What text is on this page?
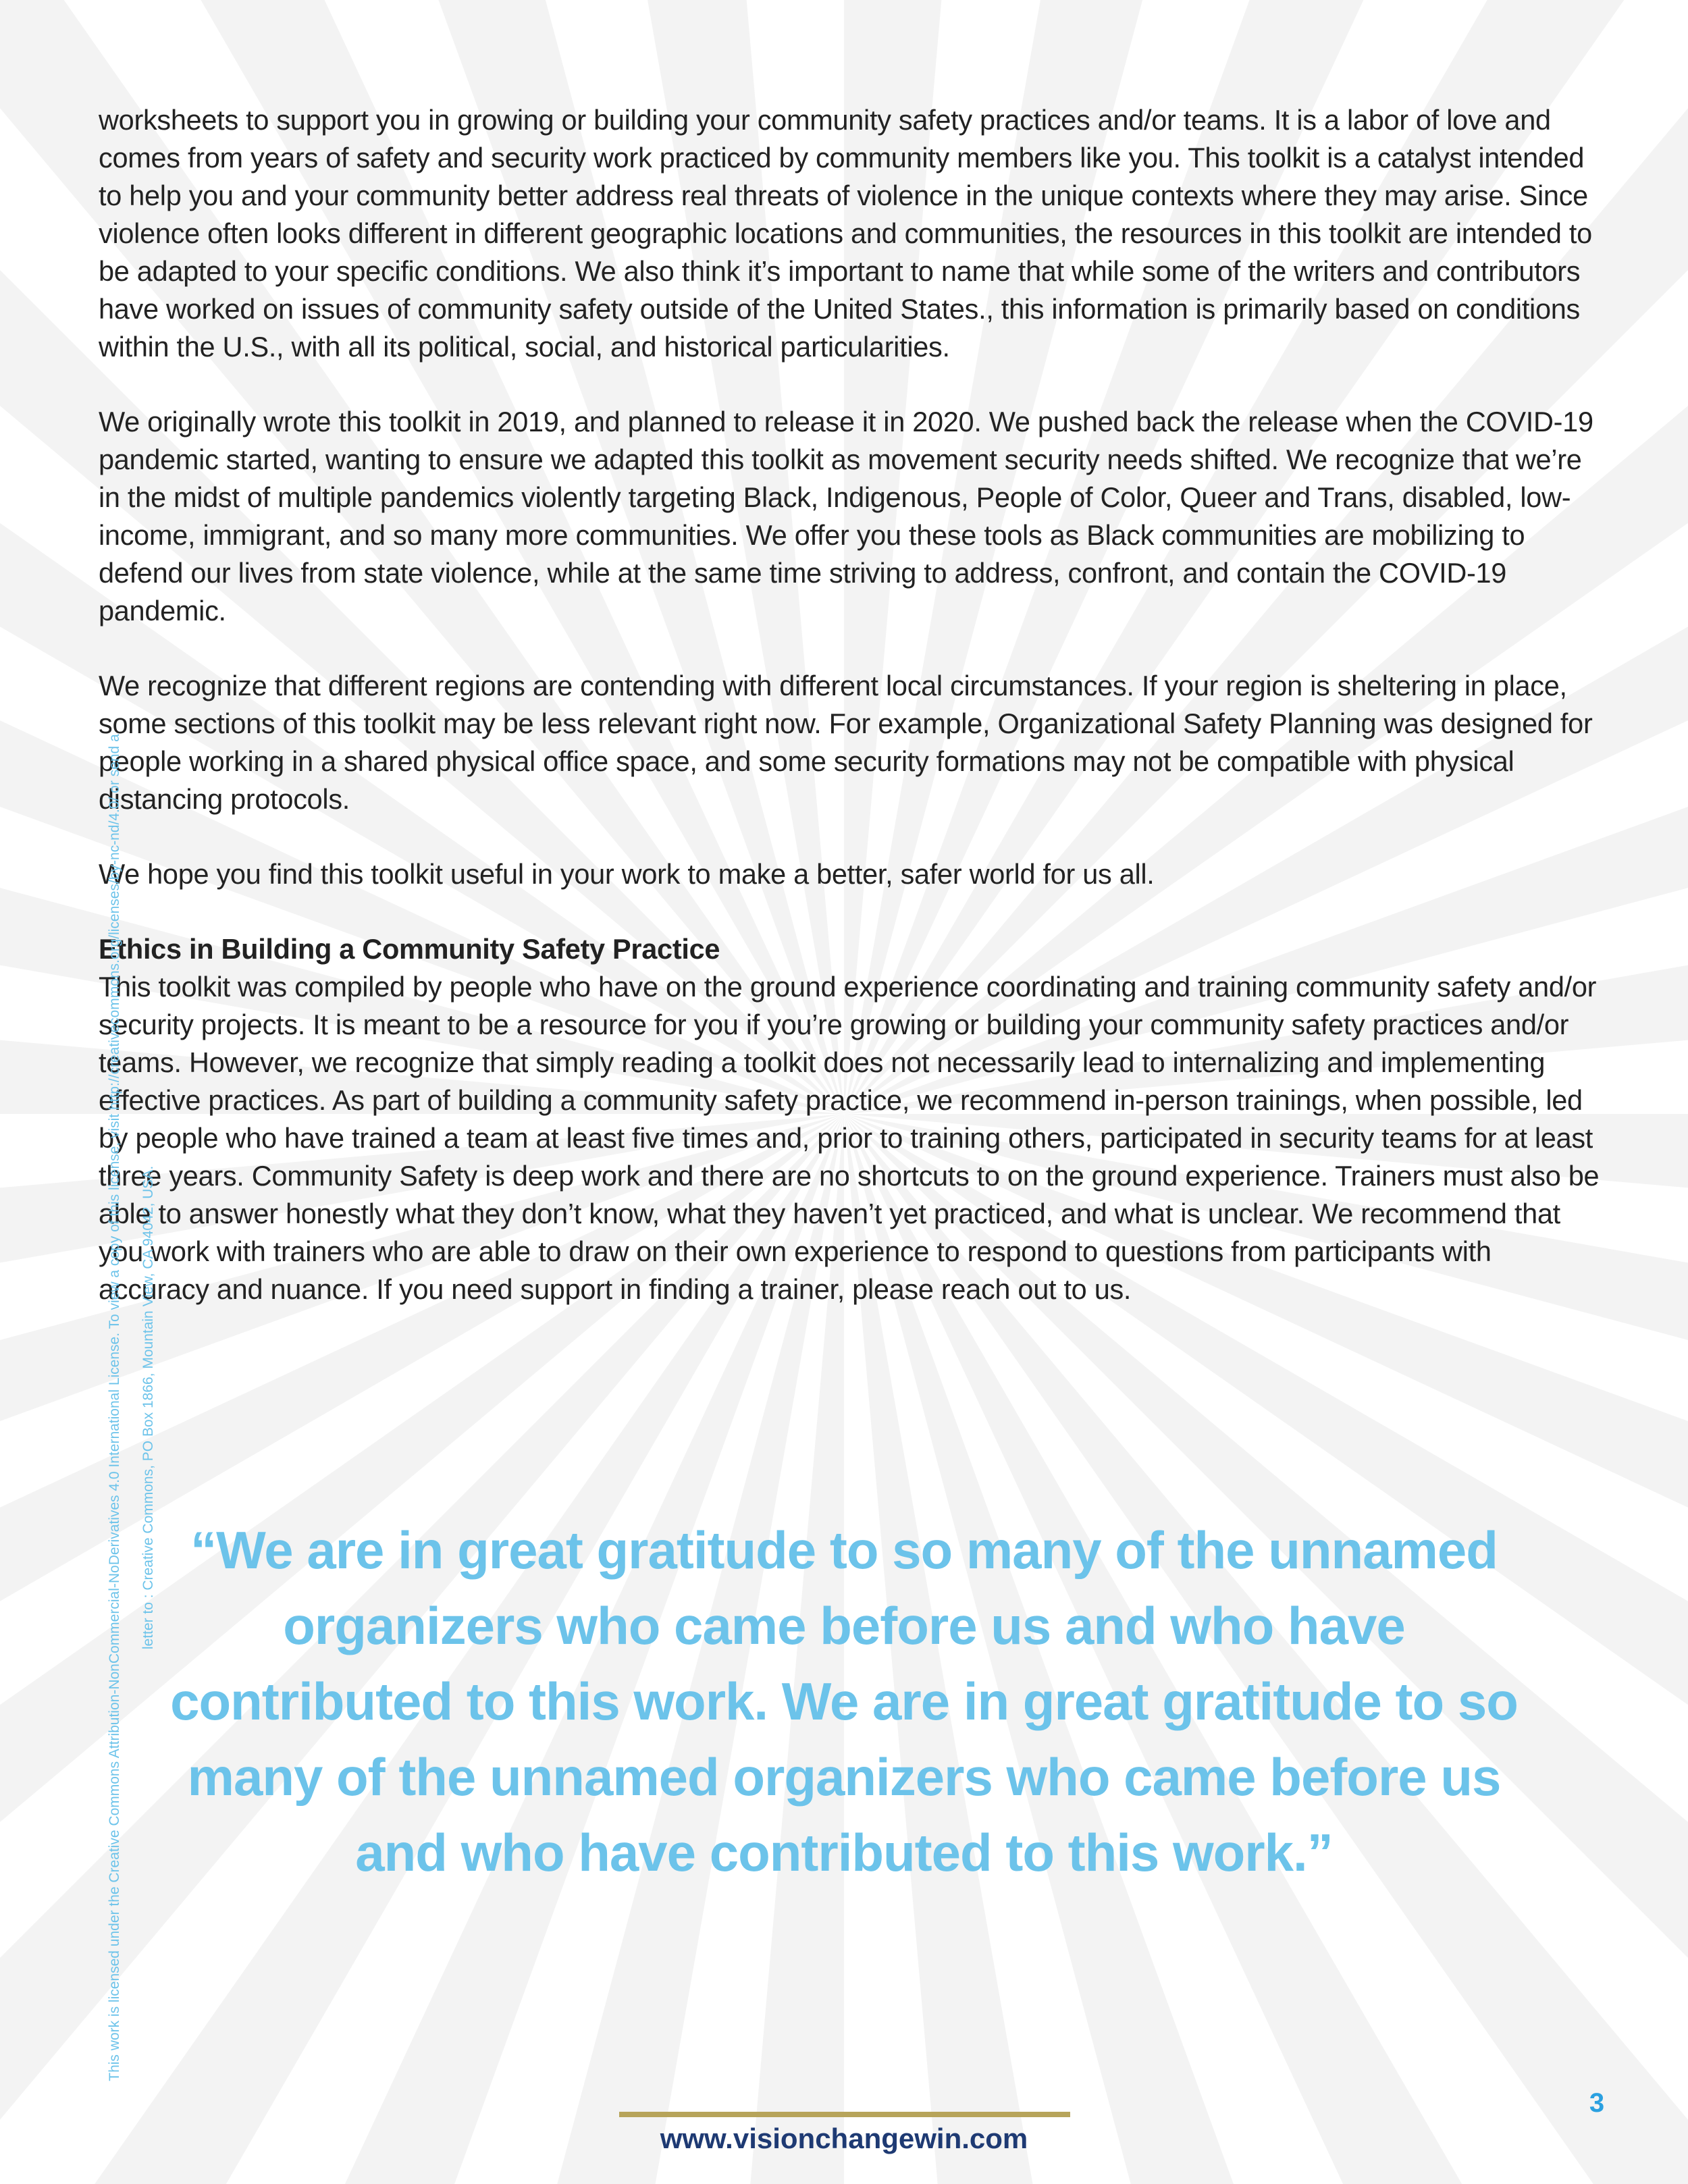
worksheets to support you in growing or building your community safety practices and/or teams. It is a labor of love and comes from years of safety and security work practiced by community members like you. This toolkit is a catalyst intended to help you and your community better address real threats of violence in the unique contexts where they may arise. Since violence often looks different in different geographic locations and communities, the resources in this toolkit are intended to be adapted to your specific conditions. We also think it’s important to name that while some of the writers and contributors have worked on issues of community safety outside of the United States., this information is primarily based on conditions within the U.S., with all its political, social, and historical particularities.

We originally wrote this toolkit in 2019, and planned to release it in 2020. We pushed back the release when the COVID-19 pandemic started, wanting to ensure we adapted this toolkit as movement security needs shifted. We recognize that we’re in the midst of multiple pandemics violently targeting Black, Indigenous, People of Color, Queer and Trans, disabled, low-income, immigrant, and so many more communities. We offer you these tools as Black communities are mobilizing to defend our lives from state violence, while at the same time striving to address, confront, and contain the COVID-19 pandemic.

We recognize that different regions are contending with different local circumstances. If your region is sheltering in place, some sections of this toolkit may be less relevant right now. For example, Organizational Safety Planning was designed for people working in a shared physical office space, and some security formations may not be compatible with physical distancing protocols.

We hope you find this toolkit useful in your work to make a better, safer world for us all.

Ethics in Building a Community Safety Practice

This toolkit was compiled by people who have on the ground experience coordinating and training community safety and/or security projects. It is meant to be a resource for you if you’re growing or building your community safety practices and/or teams. However, we recognize that simply reading a toolkit does not necessarily lead to internalizing and implementing effective practices. As part of building a community safety practice, we recommend in-person trainings, when possible, led by people who have trained a team at least five times and, prior to training others, participated in security teams for at least three years. Community Safety is deep work and there are no shortcuts to on the ground experience. Trainers must also be able to answer honestly what they don’t know, what they haven’t yet practiced, and what is unclear. We recommend that you work with trainers who are able to draw on their own experience to respond to questions from participants with accuracy and nuance. If you need support in finding a trainer, please reach out to us.

“We are in great gratitude to so many of the unnamed organizers who came before us and who have contributed to this work. We are in great gratitude to so many of the unnamed organizers who came before us and who have contributed to this work.”
This work is licensed under the Creative Commons Attribution-NonCommercial-NoDerivatives 4.0 International License. To view a copy of this license, visit http://creativecommons.org/licenses/by-nc-nd/4.0/ or send a	letter to : Creative Commons, PO Box 1866, Mountain View, CA 94042, USA.
www.visionchangewin.com
3
